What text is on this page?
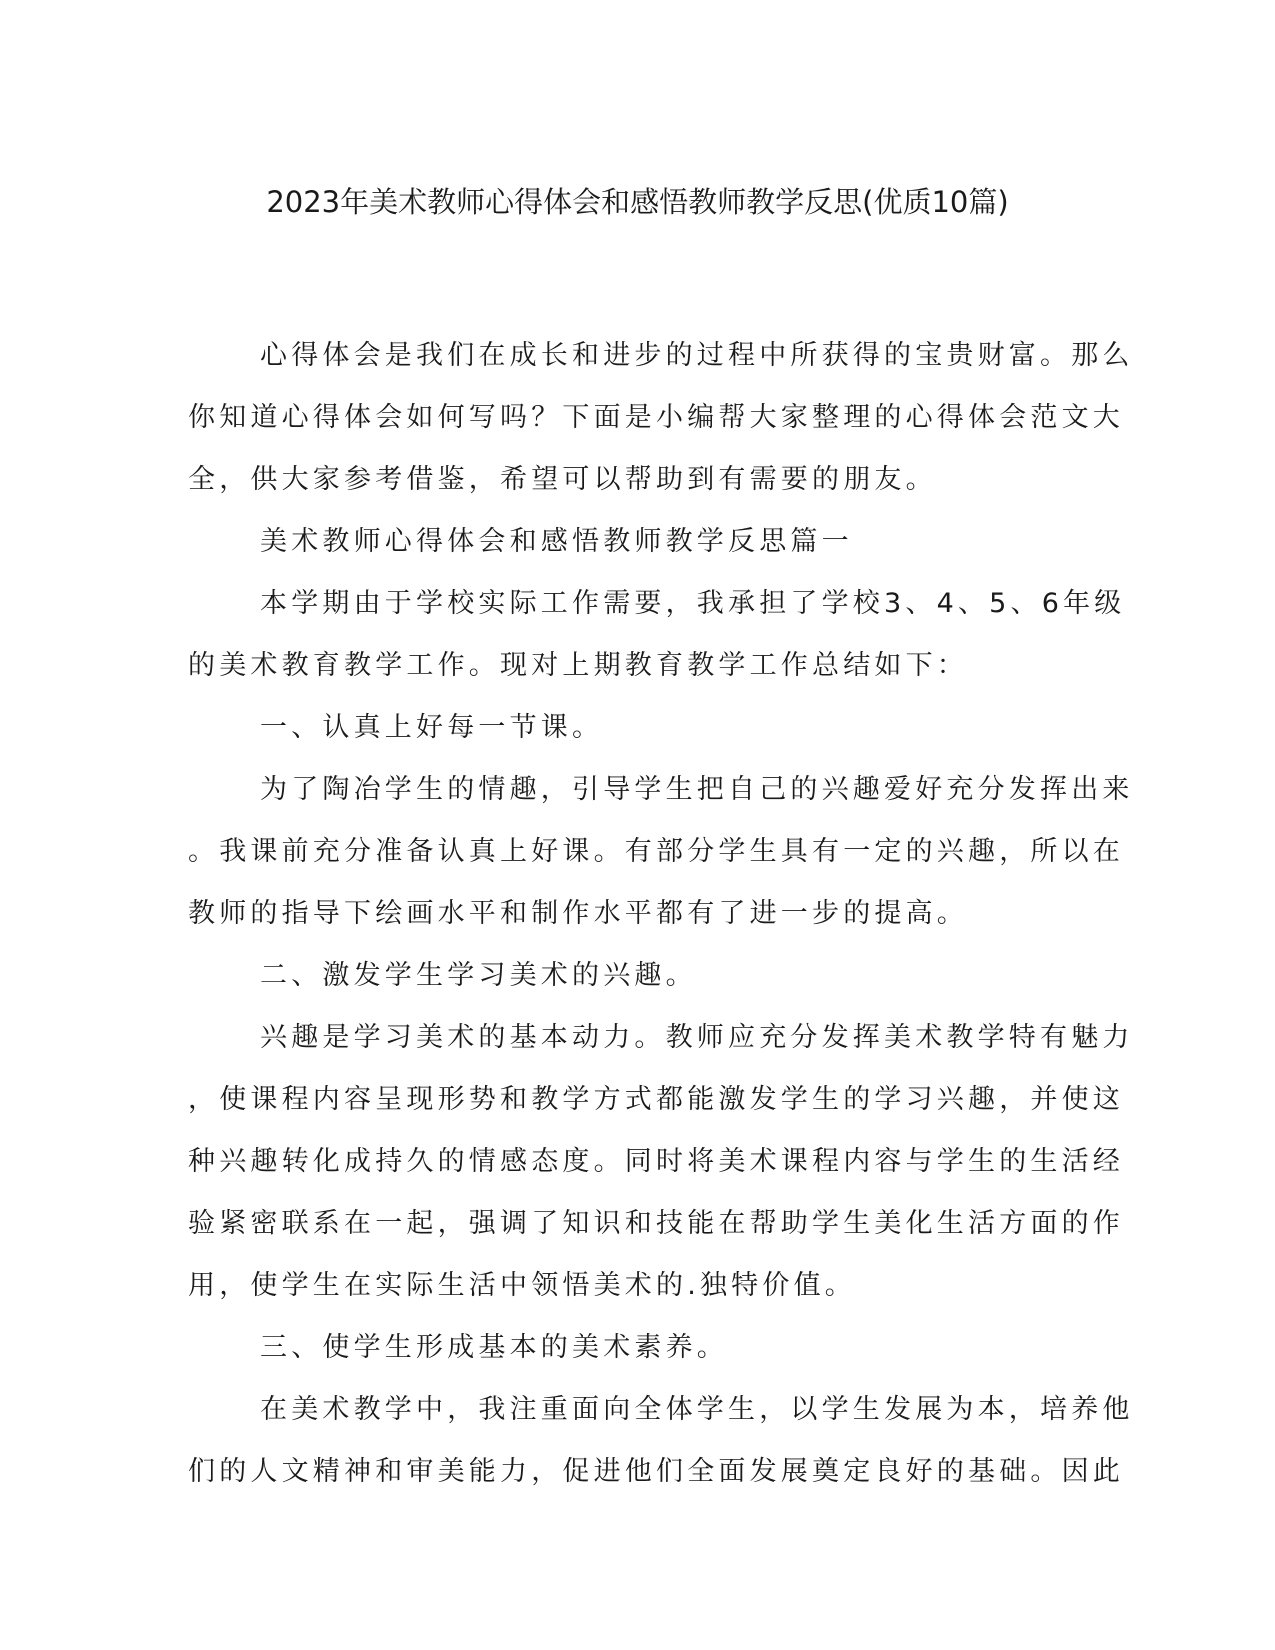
2023年美术教师心得体会和感悟教师教学反思(优质10篇)
心得体会是我们在成长和进步的过程中所获得的宝贵财富。那么
你知道心得体会如何写吗？下面是小编帮大家整理的心得体会范文大
全，供大家参考借鉴，希望可以帮助到有需要的朋友。
美术教师心得体会和感悟教师教学反思篇一
本学期由于学校实际工作需要，我承担了学校3、4、5、6年级
的美术教育教学工作。现对上期教育教学工作总结如下：
一、认真上好每一节课。
为了陶冶学生的情趣，引导学生把自己的兴趣爱好充分发挥出来
。我课前充分准备认真上好课。有部分学生具有一定的兴趣，所以在
教师的指导下绘画水平和制作水平都有了进一步的提高。
二、激发学生学习美术的兴趣。
兴趣是学习美术的基本动力。教师应充分发挥美术教学特有魅力
，使课程内容呈现形势和教学方式都能激发学生的学习兴趣，并使这
种兴趣转化成持久的情感态度。同时将美术课程内容与学生的生活经
验紧密联系在一起，强调了知识和技能在帮助学生美化生活方面的作
用，使学生在实际生活中领悟美术的.独特价值。
三、使学生形成基本的美术素养。
在美术教学中，我注重面向全体学生，以学生发展为本，培养他
们的人文精神和审美能力，促进他们全面发展奠定良好的基础。因此
